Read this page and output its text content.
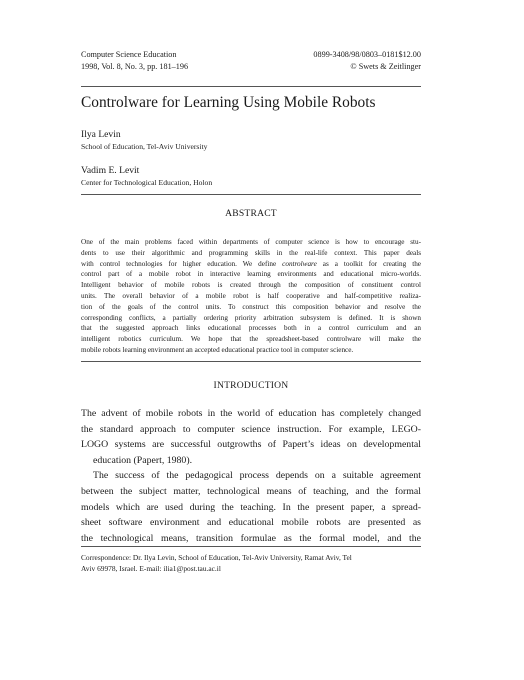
Computer Science Education
1998, Vol. 8, No. 3, pp. 181–196
0899-3408/98/0803–0181$12.00
© Swets & Zeitlinger
Controlware for Learning Using Mobile Robots
Ilya Levin
School of Education, Tel-Aviv University
Vadim E. Levit
Center for Technological Education, Holon
ABSTRACT
One of the main problems faced within departments of computer science is how to encourage stu-
dents to use their algorithmic and programming skills in the real-life context. This paper deals
with control technologies for higher education. We define controlware as a toolkit for creating the
control part of a mobile robot in interactive learning environments and educational micro-worlds.
Intelligent behavior of mobile robots is created through the composition of constituent control
units. The overall behavior of a mobile robot is half cooperative and half-competitive realiza-
tion of the goals of the control units. To construct this composition behavior and resolve the
corresponding conflicts, a partially ordering priority arbitration subsystem is defined. It is shown
that the suggested approach links educational processes both in a control curriculum and an
intelligent robotics curriculum. We hope that the spreadsheet-based controlware will make the
mobile robots learning environment an accepted educational practice tool in computer science.
INTRODUCTION
The advent of mobile robots in the world of education has completely changed
the standard approach to computer science instruction. For example, LEGO-
LOGO systems are successful outgrowths of Papert’s ideas on developmental
education (Papert, 1980).
The success of the pedagogical process depends on a suitable agreement
between the subject matter, technological means of teaching, and the formal
models which are used during the teaching. In the present paper, a spread-
sheet software environment and educational mobile robots are presented as
the technological means, transition formulae as the formal model, and the
Correspondence: Dr. Ilya Levin, School of Education, Tel-Aviv University, Ramat Aviv, Tel
Aviv 69978, Israel. E-mail: ilia1@post.tau.ac.il
